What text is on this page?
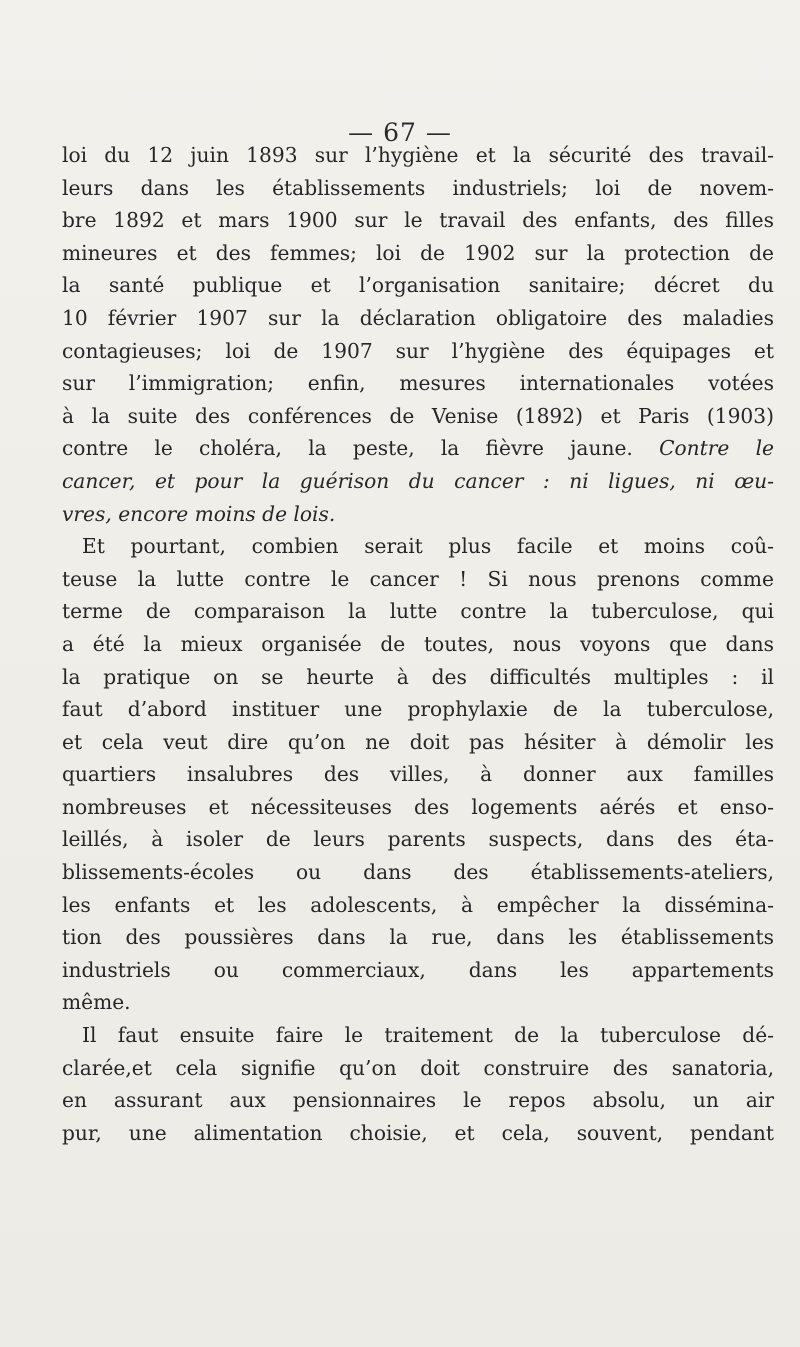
— 67 —
loi du 12 juin 1893 sur l’hygiène et la sécurité des travail-
leurs dans les établissements industriels; loi de novem-
bre 1892 et mars 1900 sur le travail des enfants, des filles
mineures et des femmes; loi de 1902 sur la protection de
la santé publique et l’organisation sanitaire; décret du
10 février 1907 sur la déclaration obligatoire des maladies
contagieuses; loi de 1907 sur l’hygiène des équipages et
sur l’immigration; enfin, mesures internationales votées
à la suite des conférences de Venise (1892) et Paris (1903)
contre le choléra, la peste, la fièvre jaune. Contre le
cancer, et pour la guérison du cancer : ni ligues, ni œu-
vres, encore moins de lois.
Et pourtant, combien serait plus facile et moins coû-
teuse la lutte contre le cancer ! Si nous prenons comme
terme de comparaison la lutte contre la tuberculose, qui
a été la mieux organisée de toutes, nous voyons que dans
la pratique on se heurte à des difficultés multiples : il
faut d’abord instituer une prophylaxie de la tuberculose,
et cela veut dire qu’on ne doit pas hésiter à démolir les
quartiers insalubres des villes, à donner aux familles
nombreuses et nécessiteuses des logements aérés et enso-
leillés, à isoler de leurs parents suspects, dans des éta-
blissements-écoles ou dans des établissements-ateliers,
les enfants et les adolescents, à empêcher la dissémina-
tion des poussières dans la rue, dans les établissements
industriels ou commerciaux, dans les appartements
même.
Il faut ensuite faire le traitement de la tuberculose dé-
clarée,et cela signifie qu’on doit construire des sanatoria,
en assurant aux pensionnaires le repos absolu, un air
pur, une alimentation choisie, et cela, souvent, pendant
